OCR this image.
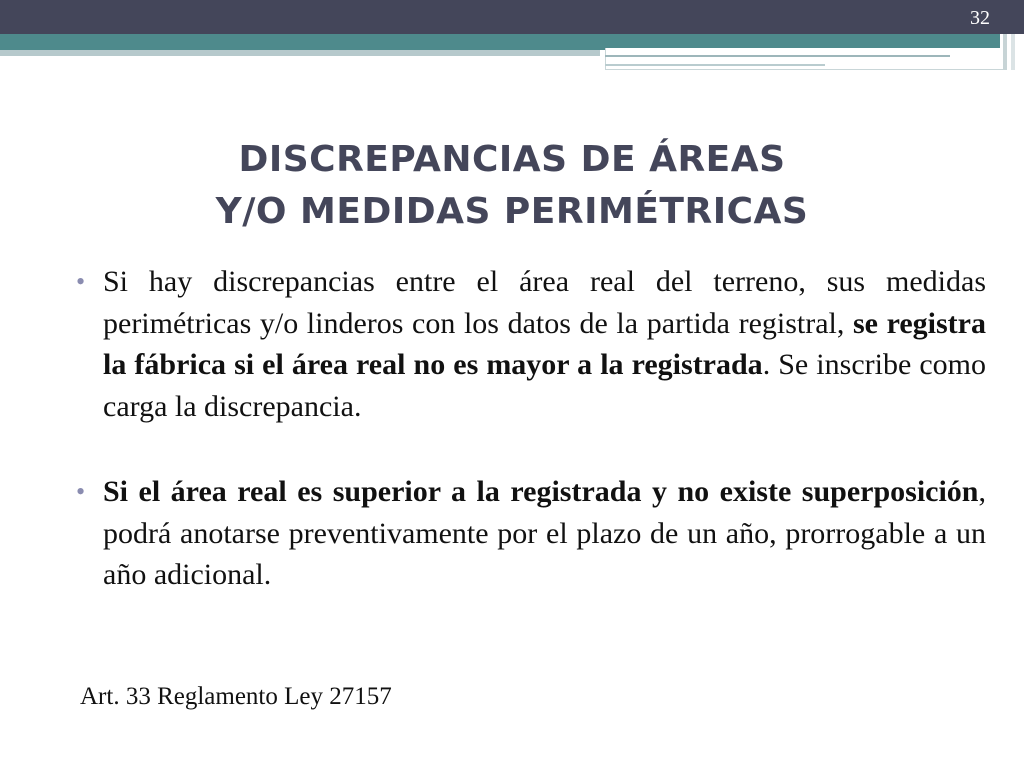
32
DISCREPANCIAS DE ÁREAS
Y/O MEDIDAS PERIMÉTRICAS
• Si hay discrepancias entre el área real del terreno, sus medidas perimétricas y/o linderos con los datos de la partida registral, se registra la fábrica si el área real no es mayor a la registrada. Se inscribe como carga la discrepancia.
• Si el área real es superior a la registrada y no existe superposición, podrá anotarse preventivamente por el plazo de un año, prorrogable a un año adicional.
Art. 33 Reglamento Ley 27157
